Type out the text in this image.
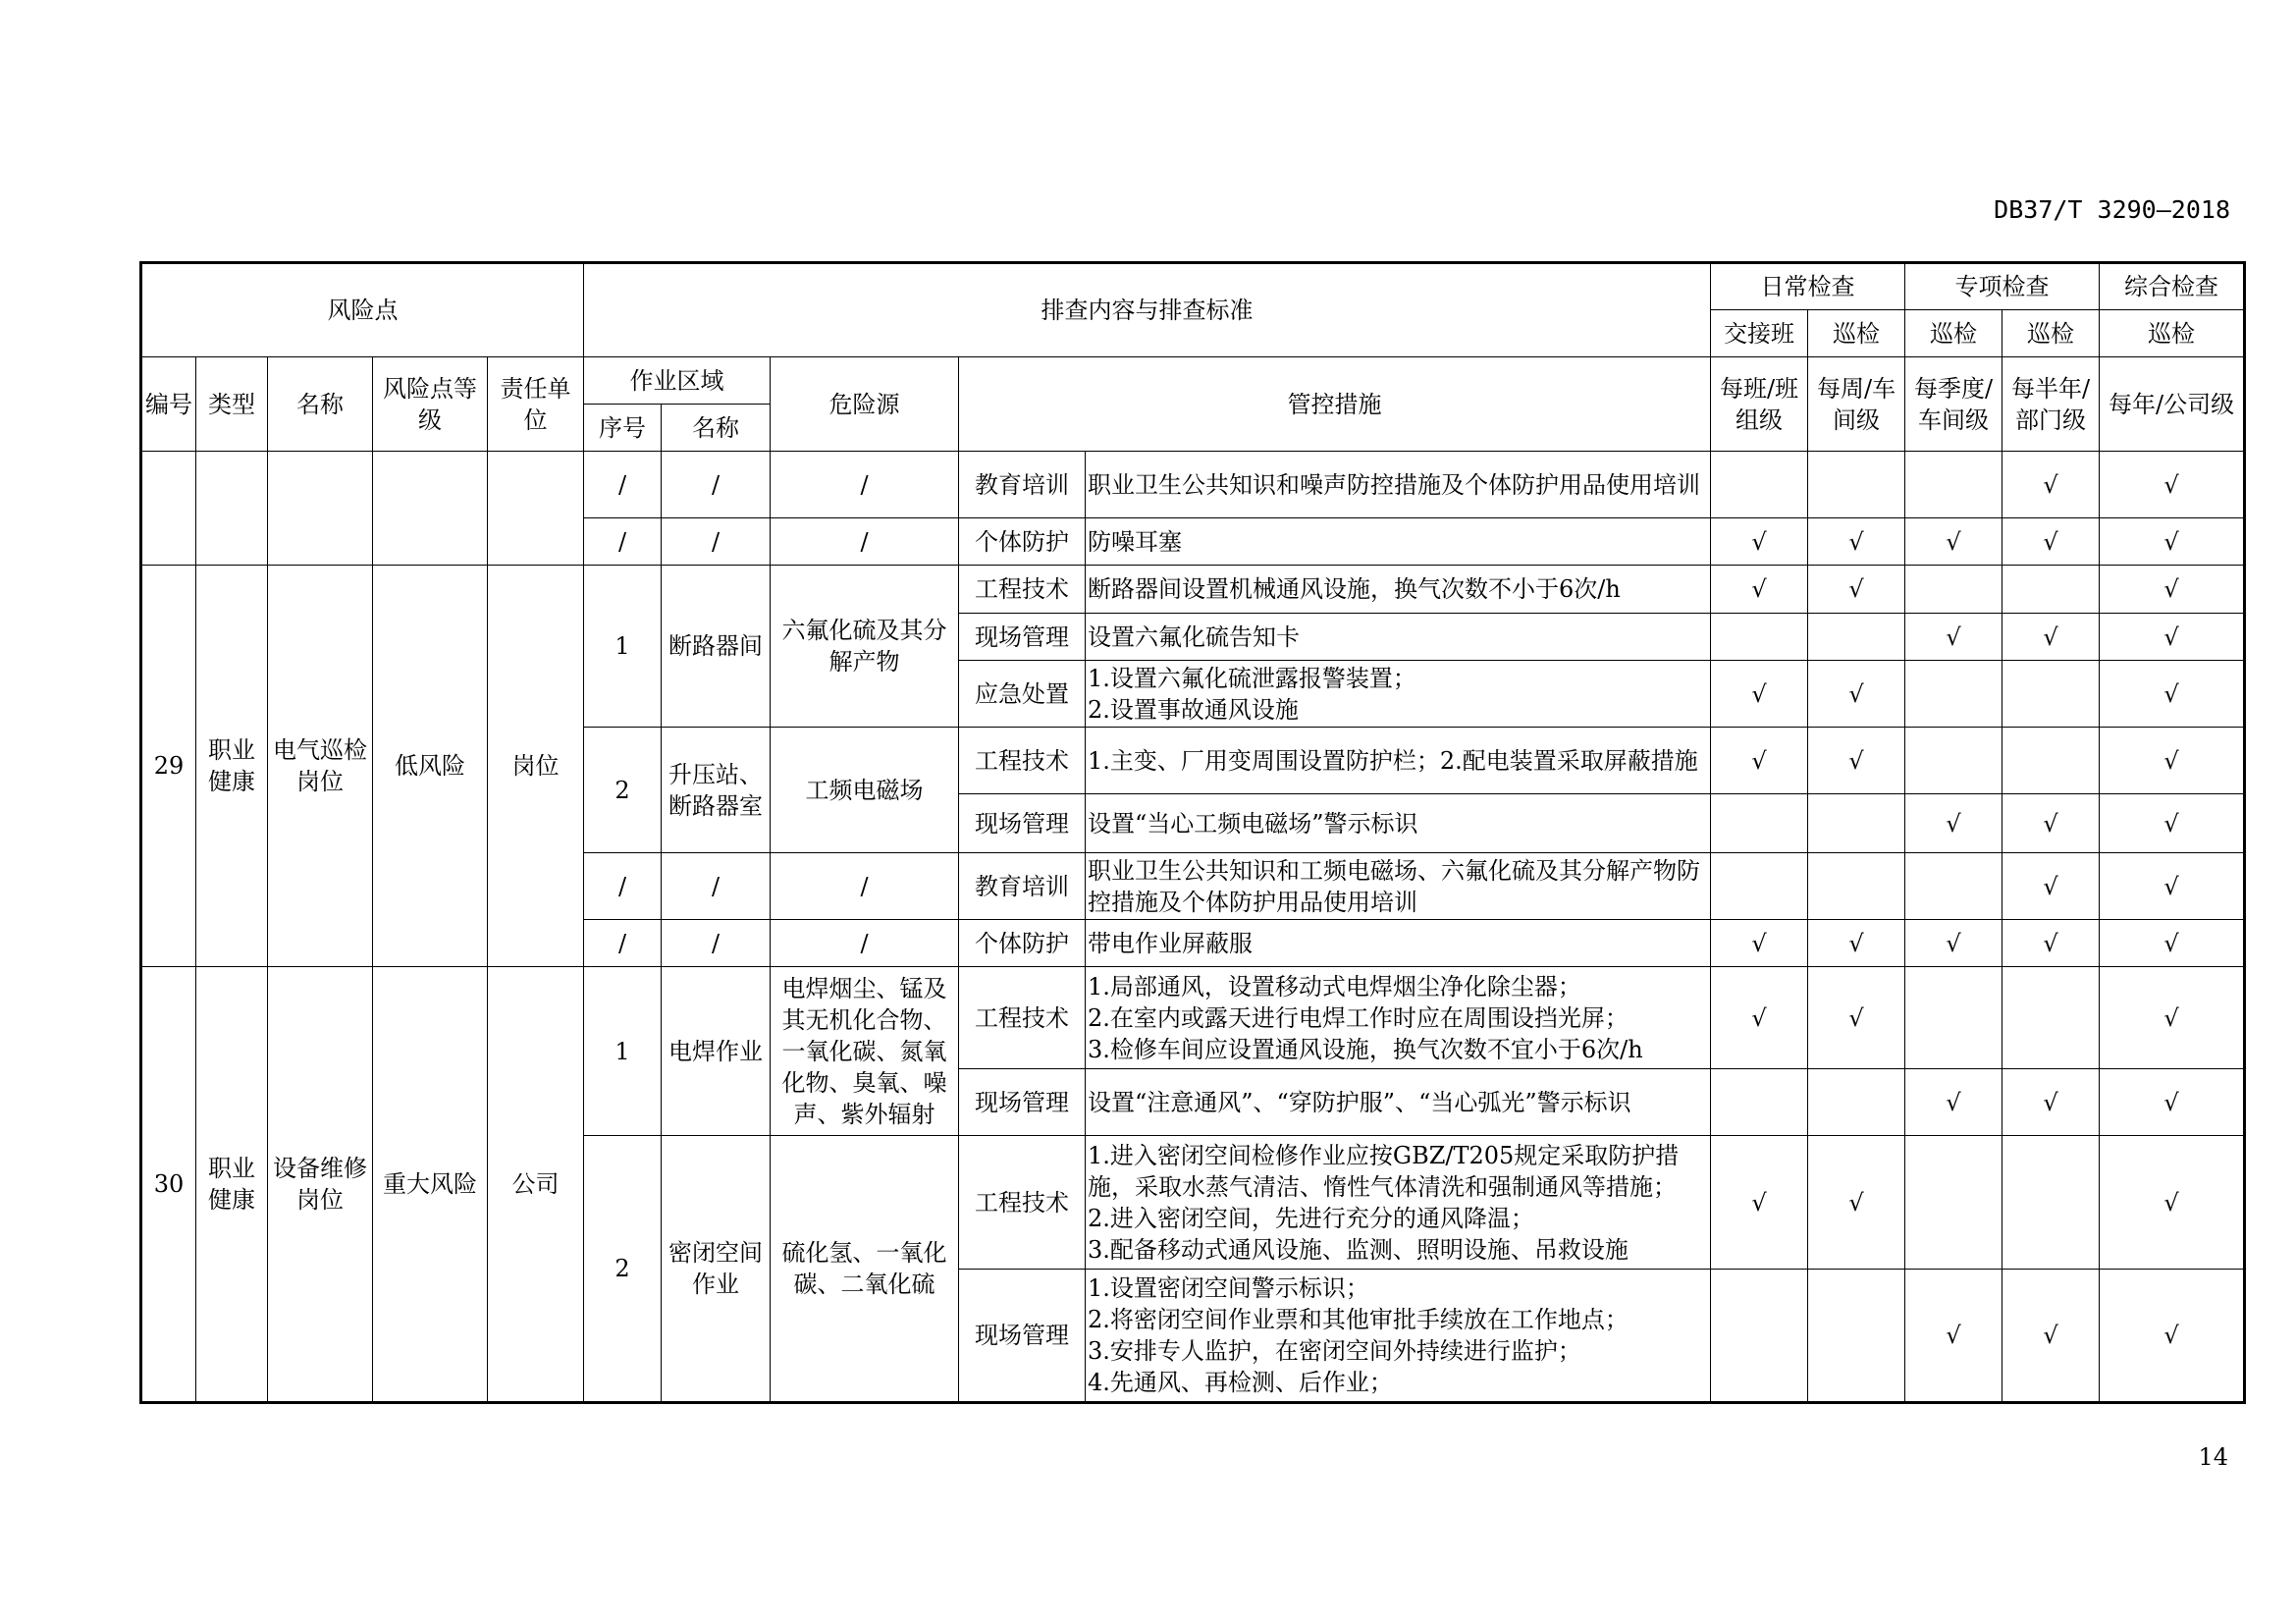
DB37/T 3290—2018
风险点					排查内容与排查标准					日常检查		专项检查		综合检查
										交接班	巡检	巡检	巡检	巡检
编号	类型	名称	风险点等级	责任单位	作业区域		危险源	管控措施		每班/班组级	每周/车间级	每季度/车间级	每半年/部门级	每年/公司级
					序号	名称								
					/	/	/	教育培训	职业卫生公共知识和噪声防控措施及个体防护用品使用培训				√	√
					/	/	/	个体防护	防噪耳塞	√	√	√	√	√
29	职业健康	电气巡检岗位	低风险	岗位	1	断路器间	六氟化硫及其分解产物	工程技术	断路器间设置机械通风设施，换气次数不小于6次/h	√	√			√
								现场管理	设置六氟化硫告知卡			√	√	√
								应急处置	1.设置六氟化硫泄露报警装置；
2.设置事故通风设施	√	√			√
					2	升压站、断路器室	工频电磁场	工程技术	1.主变、厂用变周围设置防护栏；2.配电装置采取屏蔽措施	√	√			√
								现场管理	设置“当心工频电磁场”警示标识			√	√	√
					/	/	/	教育培训	职业卫生公共知识和工频电磁场、六氟化硫及其分解产物防控措施及个体防护用品使用培训				√	√
					/	/	/	个体防护	带电作业屏蔽服	√	√	√	√	√
30	职业健康	设备维修岗位	重大风险	公司	1	电焊作业	电焊烟尘、锰及其无机化合物、一氧化碳、氮氧化物、臭氧、噪声、紫外辐射	工程技术	1.局部通风，设置移动式电焊烟尘净化除尘器；
2.在室内或露天进行电焊工作时应在周围设挡光屏；
3.检修车间应设置通风设施，换气次数不宜小于6次/h	√	√			√
								现场管理	设置“注意通风”、“穿防护服”、“当心弧光”警示标识			√	√	√
					2	密闭空间作业	硫化氢、一氧化碳、二氧化硫	工程技术	1.进入密闭空间检修作业应按GBZ/T205规定采取防护措施，采取水蒸气清洁、惰性气体清洗和强制通风等措施；
2.进入密闭空间，先进行充分的通风降温；
3.配备移动式通风设施、监测、照明设施、吊救设施	√	√			√
								现场管理	1.设置密闭空间警示标识；
2.将密闭空间作业票和其他审批手续放在工作地点；
3.安排专人监护，在密闭空间外持续进行监护；
4.先通风、再检测、后作业；			√	√	√
14
